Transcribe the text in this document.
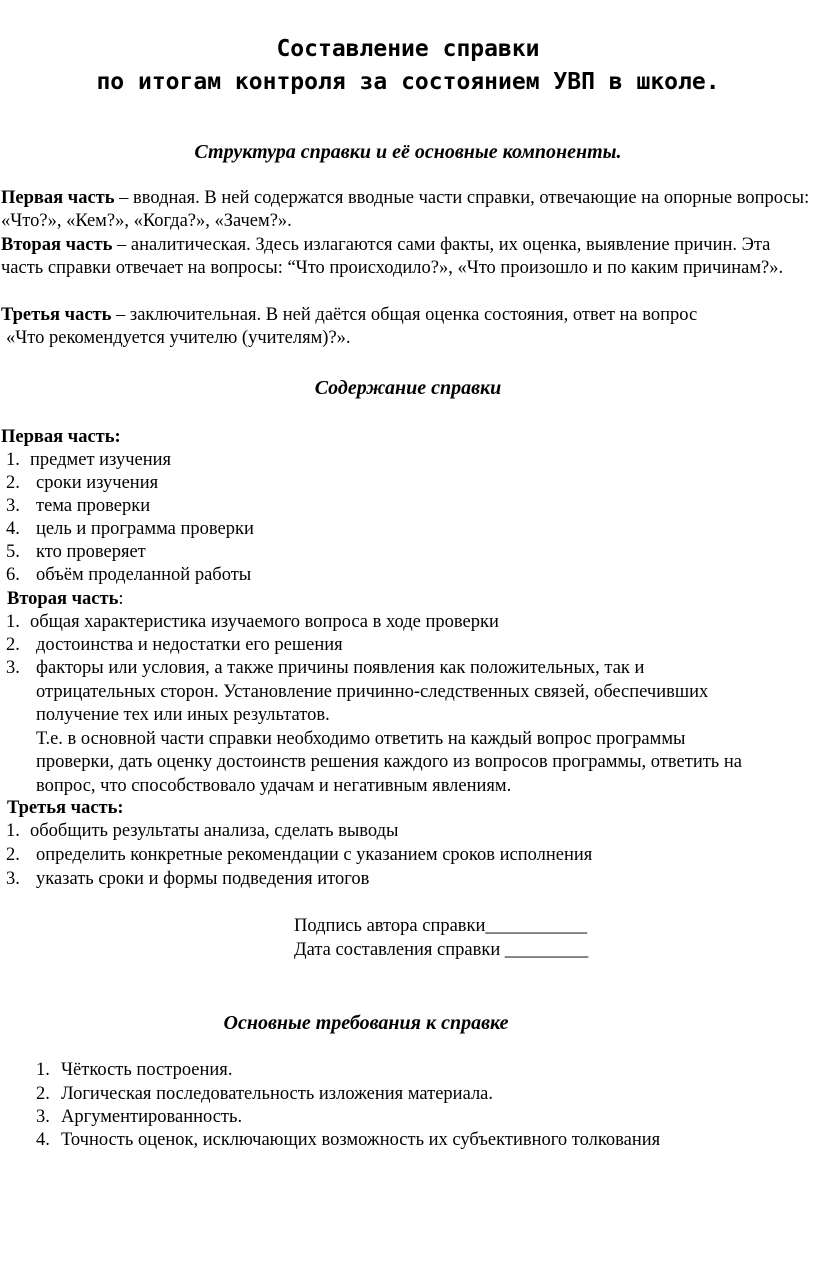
Составление справки
по итогам контроля за состоянием УВП в школе.
Структура справки и её основные компоненты.
Первая часть – вводная. В ней содержатся вводные части справки, отвечающие на опорные вопросы: «Что?», «Кем?», «Когда?», «Зачем?».
Вторая часть – аналитическая. Здесь излагаются сами факты, их оценка, выявление причин. Эта часть справки отвечает на вопросы: “Что происходило?», «Что произошло и по каким причинам?».
Третья часть – заключительная. В ней даётся общая оценка состояния, ответ на вопрос
«Что рекомендуется учителю (учителям)?».
Содержание справки
Первая часть:
1. предмет изучения
2. сроки изучения
3. тема проверки
4. цель и программа проверки
5. кто проверяет
6. объём проделанной работы
Вторая часть:
1. общая характеристика изучаемого вопроса в ходе проверки
2. достоинства и недостатки его решения
3. факторы или условия, а также причины появления как положительных, так и
отрицательных сторон. Установление причинно-следственных связей, обеспечивших
получение тех или иных результатов.
Т.е. в основной части справки необходимо ответить на каждый вопрос программы
проверки, дать оценку достоинств решения каждого из вопросов программы, ответить на
вопрос, что способствовало удачам и негативным явлениям.
Третья часть:
1. обобщить результаты анализа, сделать выводы
2. определить конкретные рекомендации с указанием сроков исполнения
3. указать сроки и формы подведения итогов
Подпись автора справки___________
Дата составления справки _________
Основные требования к справке
1. Чёткость построения.
2. Логическая последовательность изложения материала.
3. Аргументированность.
4. Точность оценок, исключающих возможность их субъективного толкования
